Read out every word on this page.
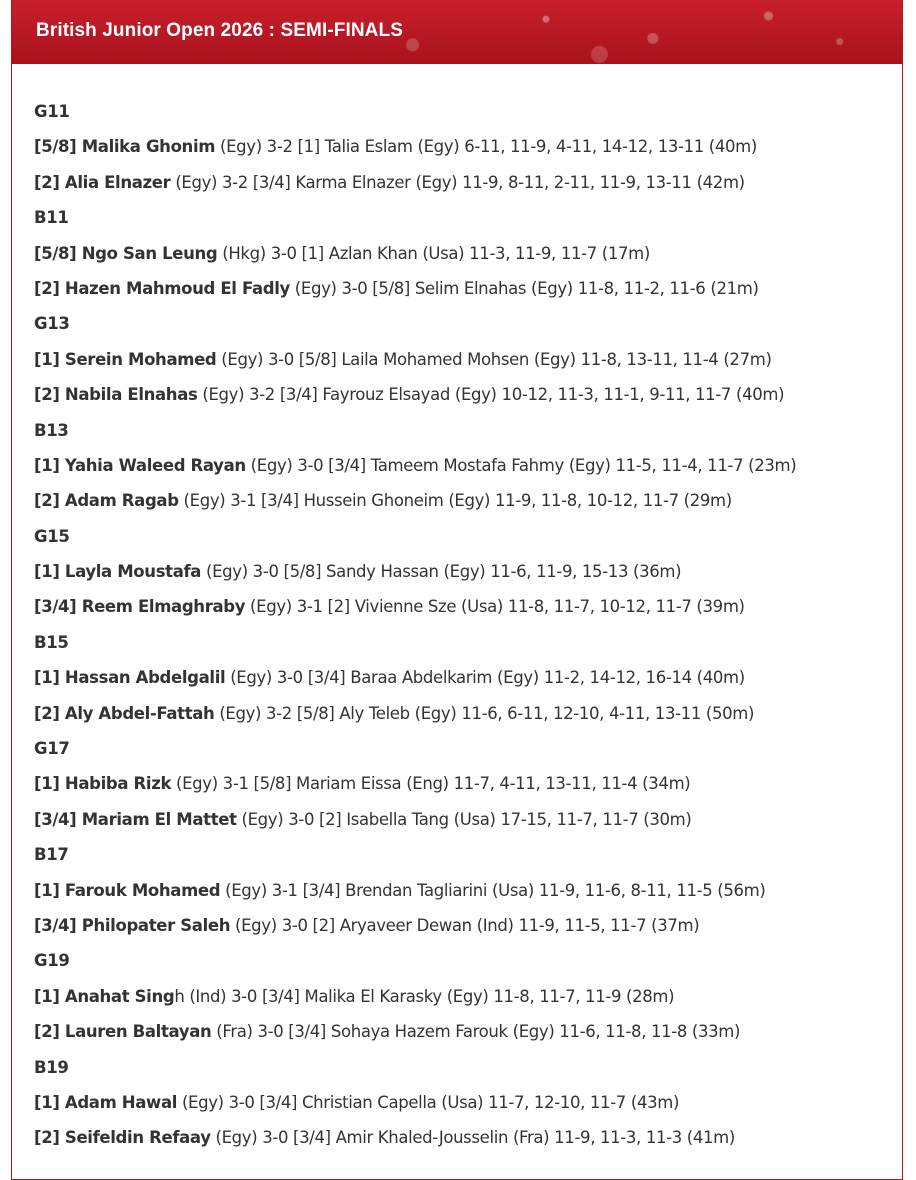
British Junior Open 2026 : SEMI-FINALS
G11
[5/8] Malika Ghonim (Egy) 3-2 [1] Talia Eslam (Egy) 6-11, 11-9, 4-11, 14-12, 13-11 (40m)
[2] Alia Elnazer (Egy) 3-2 [3/4] Karma Elnazer (Egy) 11-9, 8-11, 2-11, 11-9, 13-11 (42m)
B11
[5/8] Ngo San Leung (Hkg) 3-0 [1] Azlan Khan (Usa) 11-3, 11-9, 11-7 (17m)
[2] Hazen Mahmoud El Fadly (Egy) 3-0 [5/8] Selim Elnahas (Egy) 11-8, 11-2, 11-6 (21m)
G13
[1] Serein Mohamed (Egy) 3-0 [5/8] Laila Mohamed Mohsen (Egy) 11-8, 13-11, 11-4 (27m)
[2] Nabila Elnahas (Egy) 3-2 [3/4] Fayrouz Elsayad (Egy) 10-12, 11-3, 11-1, 9-11, 11-7 (40m)
B13
[1] Yahia Waleed Rayan (Egy) 3-0 [3/4] Tameem Mostafa Fahmy (Egy) 11-5, 11-4, 11-7 (23m)
[2] Adam Ragab (Egy) 3-1 [3/4] Hussein Ghoneim (Egy) 11-9, 11-8, 10-12, 11-7 (29m)
G15
[1] Layla Moustafa (Egy) 3-0 [5/8] Sandy Hassan (Egy) 11-6, 11-9, 15-13 (36m)
[3/4] Reem Elmaghraby (Egy) 3-1 [2] Vivienne Sze (Usa) 11-8, 11-7, 10-12, 11-7 (39m)
B15
[1] Hassan Abdelgalil (Egy) 3-0 [3/4] Baraa Abdelkarim (Egy) 11-2, 14-12, 16-14 (40m)
[2] Aly Abdel-Fattah (Egy) 3-2 [5/8] Aly Teleb (Egy) 11-6, 6-11, 12-10, 4-11, 13-11 (50m)
G17
[1] Habiba Rizk (Egy) 3-1 [5/8] Mariam Eissa (Eng) 11-7, 4-11, 13-11, 11-4 (34m)
[3/4] Mariam El Mattet (Egy) 3-0 [2] Isabella Tang (Usa) 17-15, 11-7, 11-7 (30m)
B17
[1] Farouk Mohamed (Egy) 3-1 [3/4] Brendan Tagliarini (Usa) 11-9, 11-6, 8-11, 11-5 (56m)
[3/4] Philopater Saleh (Egy) 3-0 [2] Aryaveer Dewan (Ind) 11-9, 11-5, 11-7 (37m)
G19
[1] Anahat Singh (Ind) 3-0 [3/4] Malika El Karasky (Egy) 11-8, 11-7, 11-9 (28m)
[2] Lauren Baltayan (Fra) 3-0 [3/4] Sohaya Hazem Farouk (Egy) 11-6, 11-8, 11-8 (33m)
B19
[1] Adam Hawal (Egy) 3-0 [3/4] Christian Capella (Usa) 11-7, 12-10, 11-7 (43m)
[2] Seifeldin Refaay (Egy) 3-0 [3/4] Amir Khaled-Jousselin (Fra) 11-9, 11-3, 11-3 (41m)
